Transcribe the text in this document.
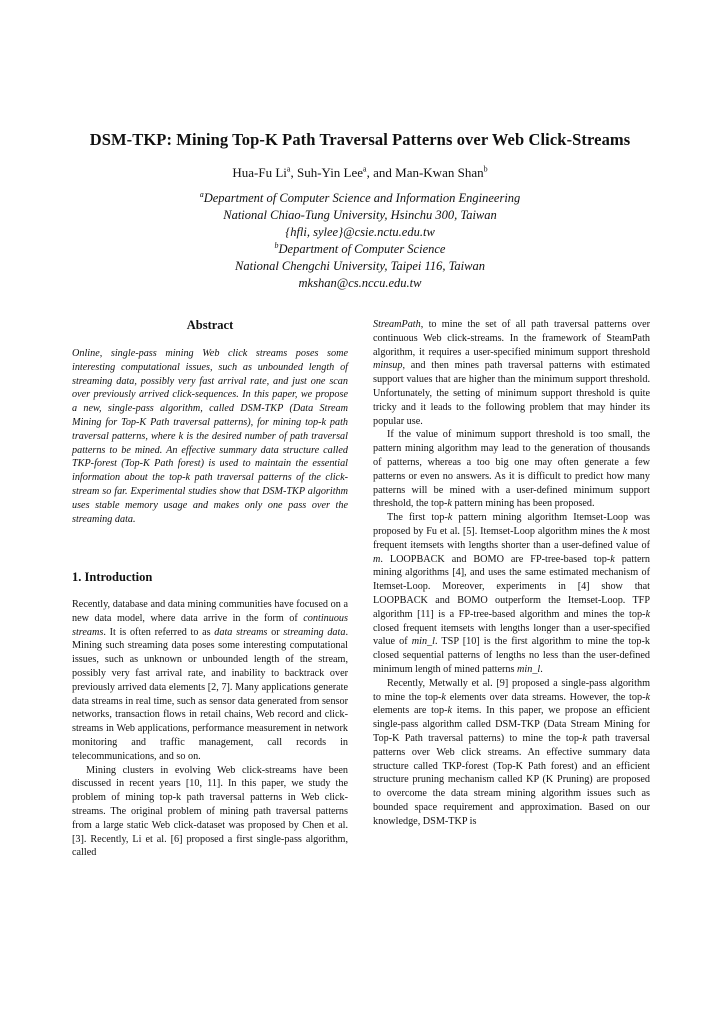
DSM-TKP: Mining Top-K Path Traversal Patterns over Web Click-Streams
Hua-Fu Li$^a$, Suh-Yin Lee$^a$, and Man-Kwan Shan$^b$
$^a$Department of Computer Science and Information Engineering
National Chiao-Tung University, Hsinchu 300, Taiwan
{hfli, sylee}@csie.nctu.edu.tw
$^b$Department of Computer Science
National Chengchi University, Taipei 116, Taiwan
mkshan@cs.nccu.edu.tw
Abstract
Online, single-pass mining Web click streams poses some interesting computational issues, such as unbounded length of streaming data, possibly very fast arrival rate, and just one scan over previously arrived click-sequences. In this paper, we propose a new, single-pass algorithm, called DSM-TKP (Data Stream Mining for Top-K Path traversal patterns), for mining top-k path traversal patterns, where k is the desired number of path traversal patterns to be mined. An effective summary data structure called TKP-forest (Top-K Path forest) is used to maintain the essential information about the top-k path traversal patterns of the click-stream so far. Experimental studies show that DSM-TKP algorithm uses stable memory usage and makes only one pass over the streaming data.
1. Introduction

Recently, database and data mining communities have focused on a new data model, where data arrive in the form of continuous streams. It is often referred to as data streams or streaming data. Mining such streaming data poses some interesting computational issues, such as unknown or unbounded length of the stream, possibly very fast arrival rate, and inability to backtrack over previously arrived data elements [2, 7]. Many applications generate data streams in real time, such as sensor data generated from sensor networks, transaction flows in retail chains, Web record and click-streams in Web applications, performance measurement in network monitoring and traffic management, call records in telecommunications, and so on.

Mining clusters in evolving Web click-streams have been discussed in recent years [10, 11]. In this paper, we study the problem of mining top-k path traversal patterns in Web click-streams. The original problem of mining path traversal patterns from a large static Web click-dataset was proposed by Chen et al. [3]. Recently, Li et al. [6] proposed a first single-pass algorithm, called

StreamPath, to mine the set of all path traversal patterns over continuous Web click-streams. In the framework of SteamPath algorithm, it requires a user-specified minimum support threshold minsup, and then mines path traversal patterns with estimated support values that are higher than the minimum support threshold. Unfortunately, the setting of minimum support threshold is quite tricky and it leads to the following problem that may hinder its popular use.

If the value of minimum support threshold is too small, the pattern mining algorithm may lead to the generation of thousands of patterns, whereas a too big one may often generate a few patterns or even no answers. As it is difficult to predict how many patterns will be mined with a user-defined minimum support threshold, the top-k pattern mining has been proposed.

The first top-k pattern mining algorithm Itemset-Loop was proposed by Fu et al. [5]. Itemset-Loop algorithm mines the k most frequent itemsets with lengths shorter than a user-defined value of m. LOOPBACK and BOMO are FP-tree-based top-k pattern mining algorithms [4], and uses the same estimated mechanism of Itemset-Loop. Moreover, experiments in [4] show that LOOPBACK and BOMO outperform the Itemset-Loop. TFP algorithm [11] is a FP-tree-based algorithm and mines the top-k closed frequent itemsets with lengths longer than a user-specified value of min_l. TSP [10] is the first algorithm to mine the top-k closed sequential patterns of lengths no less than the user-defined minimum length of mined patterns min_l.

Recently, Metwally et al. [9] proposed a single-pass algorithm to mine the top-k elements over data streams. However, the top-k elements are top-k items. In this paper, we propose an efficient single-pass algorithm called DSM-TKP (Data Stream Mining for Top-K Path traversal patterns) to mine the top-k path traversal patterns over Web click streams. An effective summary data structure called TKP-forest (Top-K Path forest) and an efficient structure pruning mechanism called KP (K Pruning) are proposed to overcome the data stream mining algorithm issues such as bounded space requirement and approximation. Based on our knowledge, DSM-TKP is
